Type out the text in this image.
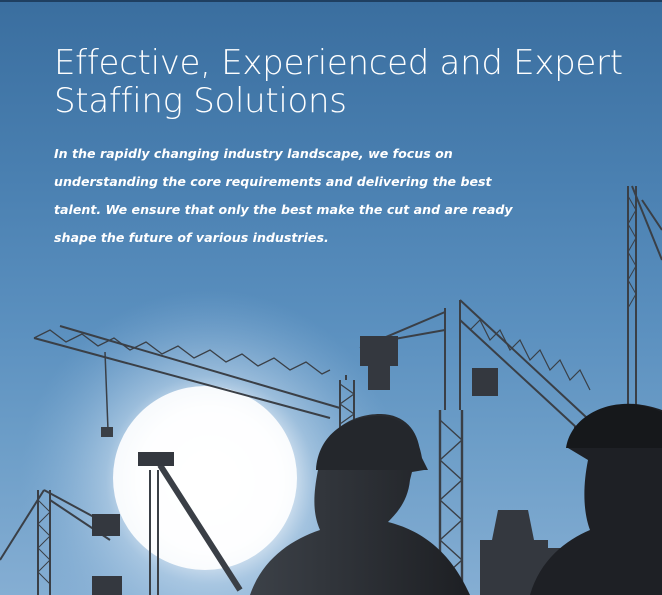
Effective, Experienced and Expert Staffing Solutions

In the rapidly changing industry landscape, we focus on understanding the core requirements and delivering the best talent. We ensure that only the best make the cut and are ready shape the future of various industries.
